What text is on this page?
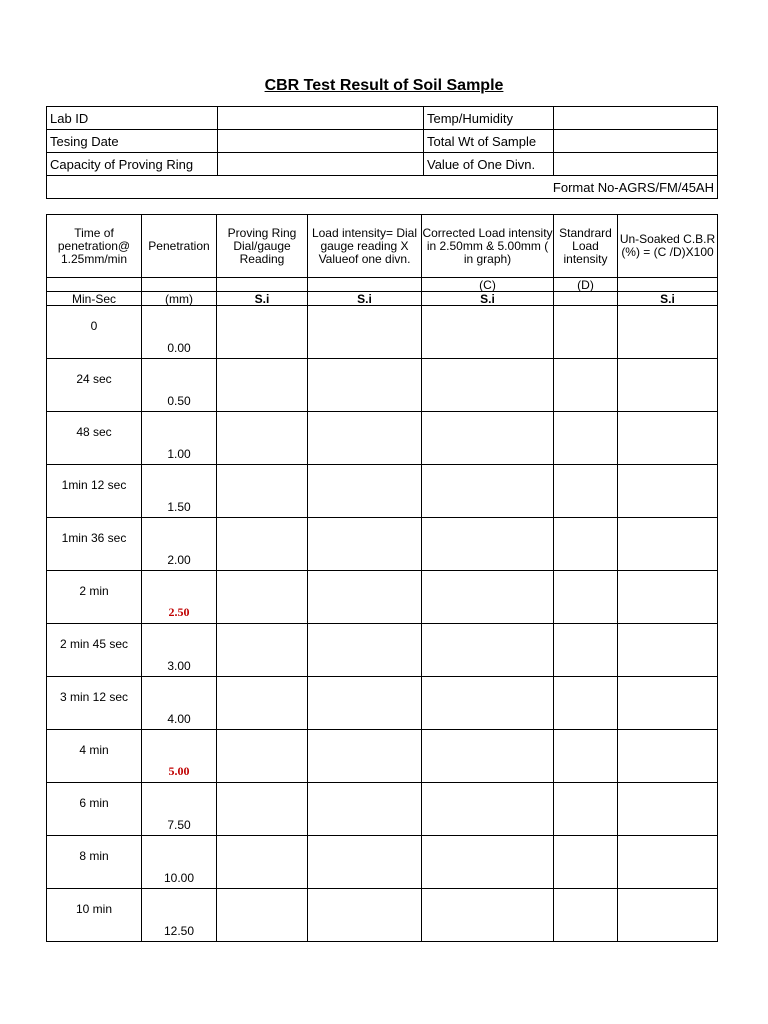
CBR Test Result of Soil Sample
Lab ID		Temp/Humidity	
Tesing Date		Total Wt of Sample	
Capacity of Proving Ring		Value of One Divn.	
Format No-AGRS/FM/45AH			
Time of penetration@ 1.25mm/min	Penetration	Proving Ring Dial/gauge Reading	Load intensity= Dial gauge reading X Valueof one divn.	Corrected Load intensity in 2.50mm & 5.00mm ( in graph)	Standrard Load intensity	Un-Soaked C.B.R (%) = (C /D)X100
				(C)	(D)	
Min-Sec	(mm)	S.i	S.i	S.i		S.i

0	0.00					

24 sec	0.50					

48 sec	1.00					

1min 12 sec	1.50					

1min 36 sec	2.00					

2 min	2.50					

2 min 45 sec	3.00					

3 min 12 sec	4.00					

4 min	5.00					

6 min	7.50					

8 min	10.00					

10 min	12.50					
